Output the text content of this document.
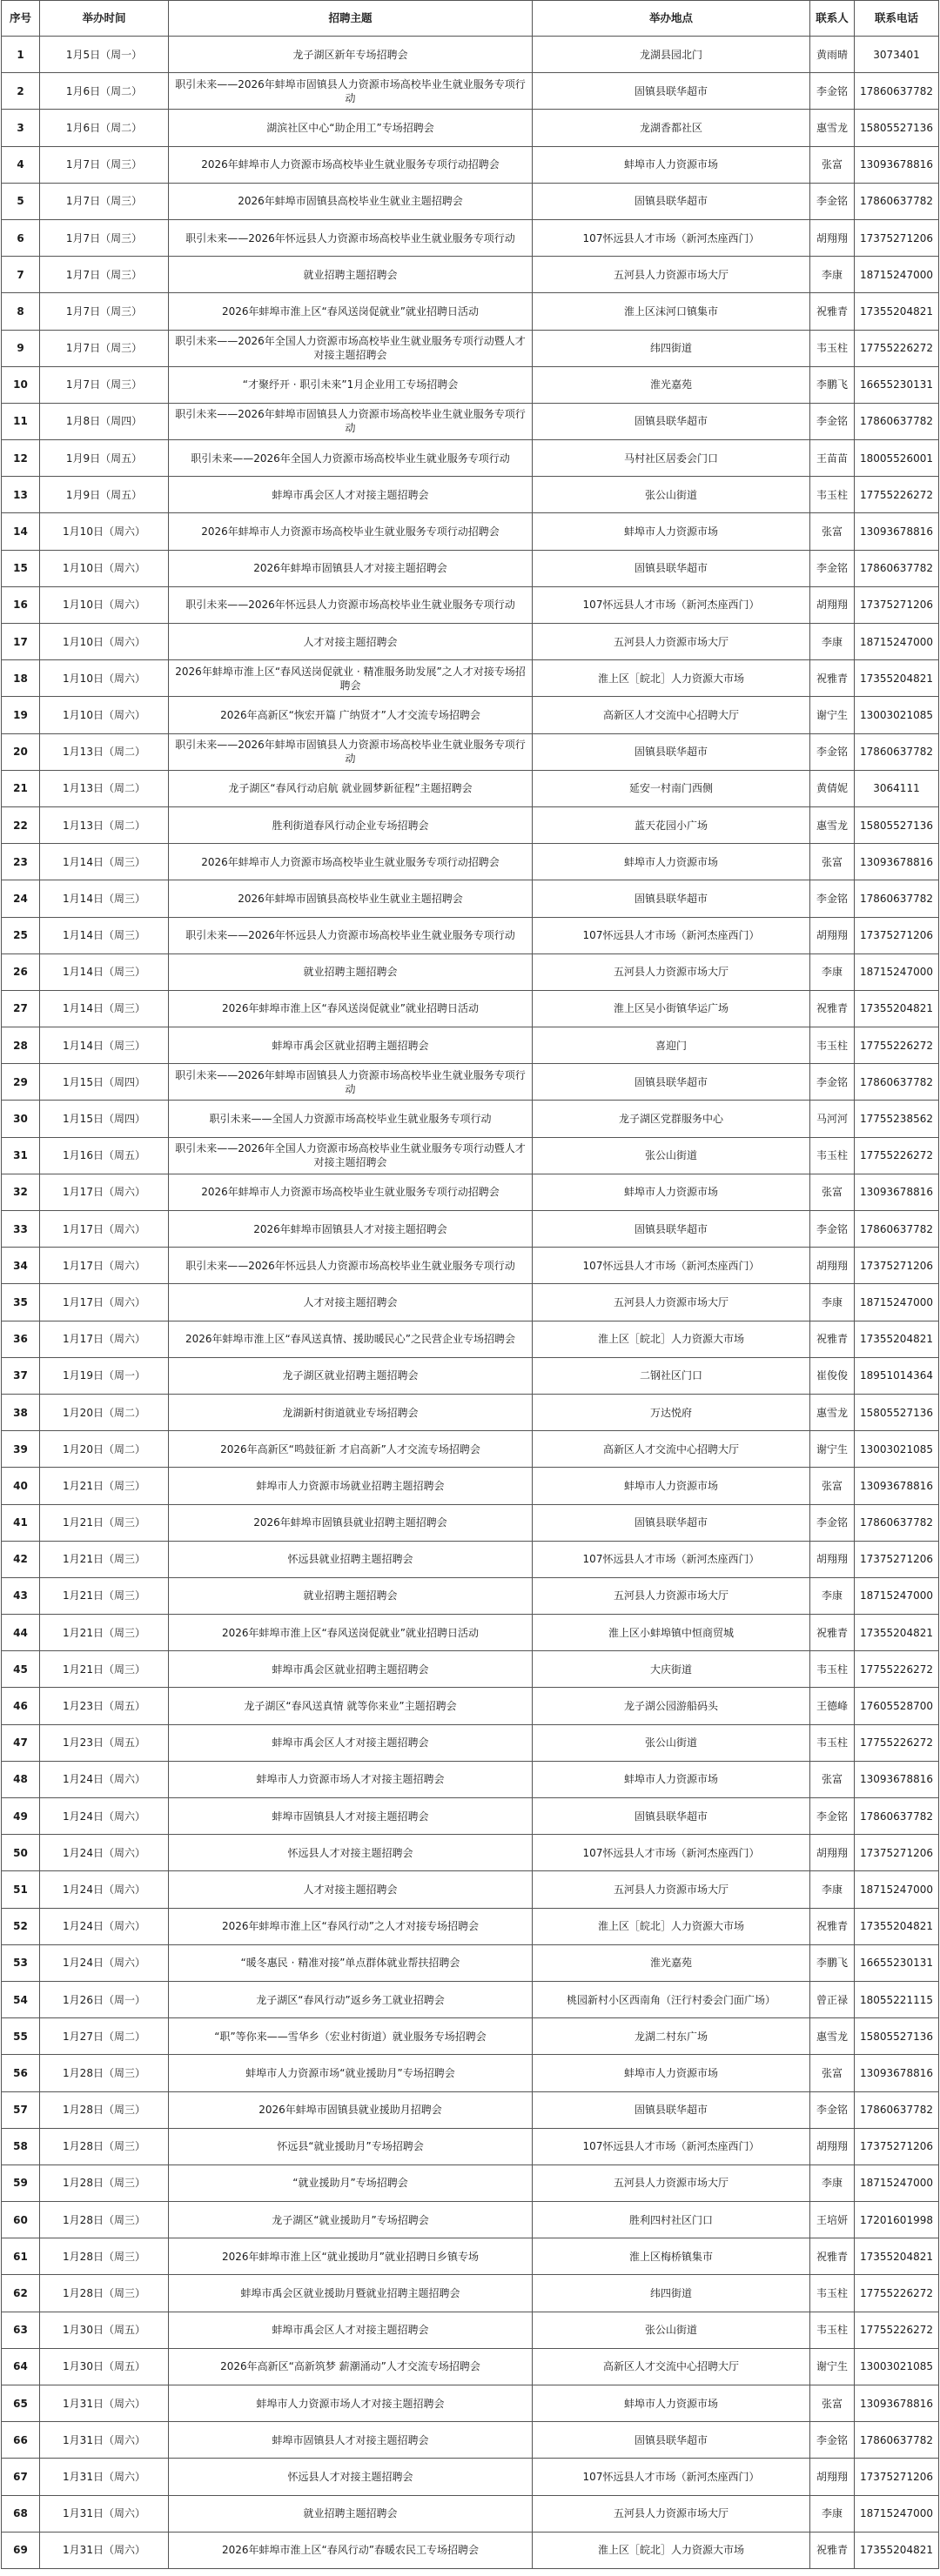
序号	举办时间	招聘主题	举办地点	联系人	联系电话
1	1月5日（周一）	龙子湖区新年专场招聘会	龙湖县园北门	黄雨晴	3073401
2	1月6日（周二）	职引未来——2026年蚌埠市固镇县人力资源市场高校毕业生就业服务专项行动	固镇县联华超市	李金铭	17860637782
3	1月6日（周二）	湖滨社区中心“助企用工”专场招聘会	龙湖香都社区	惠雪龙	15805527136
4	1月7日（周三）	2026年蚌埠市人力资源市场高校毕业生就业服务专项行动招聘会	蚌埠市人力资源市场	张富	13093678816
5	1月7日（周三）	2026年蚌埠市固镇县高校毕业生就业主题招聘会	固镇县联华超市	李金铭	17860637782
6	1月7日（周三）	职引未来——2026年怀远县人力资源市场高校毕业生就业服务专项行动	107怀远县人才市场（新河杰座西门）	胡翔翔	17375271206
7	1月7日（周三）	就业招聘主题招聘会	五河县人力资源市场大厅	李康	18715247000
8	1月7日（周三）	2026年蚌埠市淮上区“春风送岗促就业”就业招聘日活动	淮上区沫河口镇集市	祝雅青	17355204821
9	1月7日（周三）	职引未来——2026年全国人力资源市场高校毕业生就业服务专项行动暨人才对接主题招聘会	纬四街道	韦玉柱	17755226272
10	1月7日（周三）	“才聚纾开 · 职引未来”1月企业用工专场招聘会	淮光嘉苑	李鹏飞	16655230131
11	1月8日（周四）	职引未来——2026年蚌埠市固镇县人力资源市场高校毕业生就业服务专项行动	固镇县联华超市	李金铭	17860637782
12	1月9日（周五）	职引未来——2026年全国人力资源市场高校毕业生就业服务专项行动	马村社区居委会门口	王苗苗	18005526001
13	1月9日（周五）	蚌埠市禹会区人才对接主题招聘会	张公山街道	韦玉柱	17755226272
14	1月10日（周六）	2026年蚌埠市人力资源市场高校毕业生就业服务专项行动招聘会	蚌埠市人力资源市场	张富	13093678816
15	1月10日（周六）	2026年蚌埠市固镇县人才对接主题招聘会	固镇县联华超市	李金铭	17860637782
16	1月10日（周六）	职引未来——2026年怀远县人力资源市场高校毕业生就业服务专项行动	107怀远县人才市场（新河杰座西门）	胡翔翔	17375271206
17	1月10日（周六）	人才对接主题招聘会	五河县人力资源市场大厅	李康	18715247000
18	1月10日（周六）	2026年蚌埠市淮上区“春风送岗促就业 · 精准服务助发展”之人才对接专场招聘会	淮上区［皖北］人力资源大市场	祝雅青	17355204821
19	1月10日（周六）	2026年高新区“恢宏开篇 广纳贤才”人才交流专场招聘会	高新区人才交流中心招聘大厅	谢宁生	13003021085
20	1月13日（周二）	职引未来——2026年蚌埠市固镇县人力资源市场高校毕业生就业服务专项行动	固镇县联华超市	李金铭	17860637782
21	1月13日（周二）	龙子湖区“春风行动启航 就业圆梦新征程”主题招聘会	延安一村南门西侧	黄倩妮	3064111
22	1月13日（周二）	胜利街道春风行动企业专场招聘会	蓝天花园小广场	惠雪龙	15805527136
23	1月14日（周三）	2026年蚌埠市人力资源市场高校毕业生就业服务专项行动招聘会	蚌埠市人力资源市场	张富	13093678816
24	1月14日（周三）	2026年蚌埠市固镇县高校毕业生就业主题招聘会	固镇县联华超市	李金铭	17860637782
25	1月14日（周三）	职引未来——2026年怀远县人力资源市场高校毕业生就业服务专项行动	107怀远县人才市场（新河杰座西门）	胡翔翔	17375271206
26	1月14日（周三）	就业招聘主题招聘会	五河县人力资源市场大厅	李康	18715247000
27	1月14日（周三）	2026年蚌埠市淮上区“春风送岗促就业”就业招聘日活动	淮上区吴小街镇华运广场	祝雅青	17355204821
28	1月14日（周三）	蚌埠市禹会区就业招聘主题招聘会	喜迎门	韦玉柱	17755226272
29	1月15日（周四）	职引未来——2026年蚌埠市固镇县人力资源市场高校毕业生就业服务专项行动	固镇县联华超市	李金铭	17860637782
30	1月15日（周四）	职引未来——全国人力资源市场高校毕业生就业服务专项行动	龙子湖区党群服务中心	马河河	17755238562
31	1月16日（周五）	职引未来——2026年全国人力资源市场高校毕业生就业服务专项行动暨人才对接主题招聘会	张公山街道	韦玉柱	17755226272
32	1月17日（周六）	2026年蚌埠市人力资源市场高校毕业生就业服务专项行动招聘会	蚌埠市人力资源市场	张富	13093678816
33	1月17日（周六）	2026年蚌埠市固镇县人才对接主题招聘会	固镇县联华超市	李金铭	17860637782
34	1月17日（周六）	职引未来——2026年怀远县人力资源市场高校毕业生就业服务专项行动	107怀远县人才市场（新河杰座西门）	胡翔翔	17375271206
35	1月17日（周六）	人才对接主题招聘会	五河县人力资源市场大厅	李康	18715247000
36	1月17日（周六）	2026年蚌埠市淮上区“春风送真情、援助暖民心”之民营企业专场招聘会	淮上区［皖北］人力资源大市场	祝雅青	17355204821
37	1月19日（周一）	龙子湖区就业招聘主题招聘会	二钢社区门口	崔俊俊	18951014364
38	1月20日（周二）	龙湖新村街道就业专场招聘会	万达悦府	惠雪龙	15805527136
39	1月20日（周二）	2026年高新区“鸣鼓征新 才启高新”人才交流专场招聘会	高新区人才交流中心招聘大厅	谢宁生	13003021085
40	1月21日（周三）	蚌埠市人力资源市场就业招聘主题招聘会	蚌埠市人力资源市场	张富	13093678816
41	1月21日（周三）	2026年蚌埠市固镇县就业招聘主题招聘会	固镇县联华超市	李金铭	17860637782
42	1月21日（周三）	怀远县就业招聘主题招聘会	107怀远县人才市场（新河杰座西门）	胡翔翔	17375271206
43	1月21日（周三）	就业招聘主题招聘会	五河县人力资源市场大厅	李康	18715247000
44	1月21日（周三）	2026年蚌埠市淮上区“春风送岗促就业”就业招聘日活动	淮上区小蚌埠镇中恒商贸城	祝雅青	17355204821
45	1月21日（周三）	蚌埠市禹会区就业招聘主题招聘会	大庆街道	韦玉柱	17755226272
46	1月23日（周五）	龙子湖区“春风送真情 就等你来业”主题招聘会	龙子湖公园游船码头	王德峰	17605528700
47	1月23日（周五）	蚌埠市禹会区人才对接主题招聘会	张公山街道	韦玉柱	17755226272
48	1月24日（周六）	蚌埠市人力资源市场人才对接主题招聘会	蚌埠市人力资源市场	张富	13093678816
49	1月24日（周六）	蚌埠市固镇县人才对接主题招聘会	固镇县联华超市	李金铭	17860637782
50	1月24日（周六）	怀远县人才对接主题招聘会	107怀远县人才市场（新河杰座西门）	胡翔翔	17375271206
51	1月24日（周六）	人才对接主题招聘会	五河县人力资源市场大厅	李康	18715247000
52	1月24日（周六）	2026年蚌埠市淮上区“春风行动”之人才对接专场招聘会	淮上区［皖北］人力资源大市场	祝雅青	17355204821
53	1月24日（周六）	“暖冬惠民 · 精准对接”单点群体就业帮扶招聘会	淮光嘉苑	李鹏飞	16655230131
54	1月26日（周一）	龙子湖区“春风行动”返乡务工就业招聘会	桃园新村小区西南角（汪行村委会门面广场）	曾正禄	18055221115
55	1月27日（周二）	“职”等你来——雪华乡（宏业村街道）就业服务专场招聘会	龙湖二村东广场	惠雪龙	15805527136
56	1月28日（周三）	蚌埠市人力资源市场“就业援助月”专场招聘会	蚌埠市人力资源市场	张富	13093678816
57	1月28日（周三）	2026年蚌埠市固镇县就业援助月招聘会	固镇县联华超市	李金铭	17860637782
58	1月28日（周三）	怀远县“就业援助月”专场招聘会	107怀远县人才市场（新河杰座西门）	胡翔翔	17375271206
59	1月28日（周三）	“就业援助月”专场招聘会	五河县人力资源市场大厅	李康	18715247000
60	1月28日（周三）	龙子湖区“就业援助月”专场招聘会	胜利四村社区门口	王培妍	17201601998
61	1月28日（周三）	2026年蚌埠市淮上区“就业援助月”就业招聘日乡镇专场	淮上区梅桥镇集市	祝雅青	17355204821
62	1月28日（周三）	蚌埠市禹会区就业援助月暨就业招聘主题招聘会	纬四街道	韦玉柱	17755226272
63	1月30日（周五）	蚌埠市禹会区人才对接主题招聘会	张公山街道	韦玉柱	17755226272
64	1月30日（周五）	2026年高新区“高新筑梦 薪潮涌动”人才交流专场招聘会	高新区人才交流中心招聘大厅	谢宁生	13003021085
65	1月31日（周六）	蚌埠市人力资源市场人才对接主题招聘会	蚌埠市人力资源市场	张富	13093678816
66	1月31日（周六）	蚌埠市固镇县人才对接主题招聘会	固镇县联华超市	李金铭	17860637782
67	1月31日（周六）	怀远县人才对接主题招聘会	107怀远县人才市场（新河杰座西门）	胡翔翔	17375271206
68	1月31日（周六）	就业招聘主题招聘会	五河县人力资源市场大厅	李康	18715247000
69	1月31日（周六）	2026年蚌埠市淮上区“春风行动”春暖农民工专场招聘会	淮上区［皖北］人力资源大市场	祝雅青	17355204821
